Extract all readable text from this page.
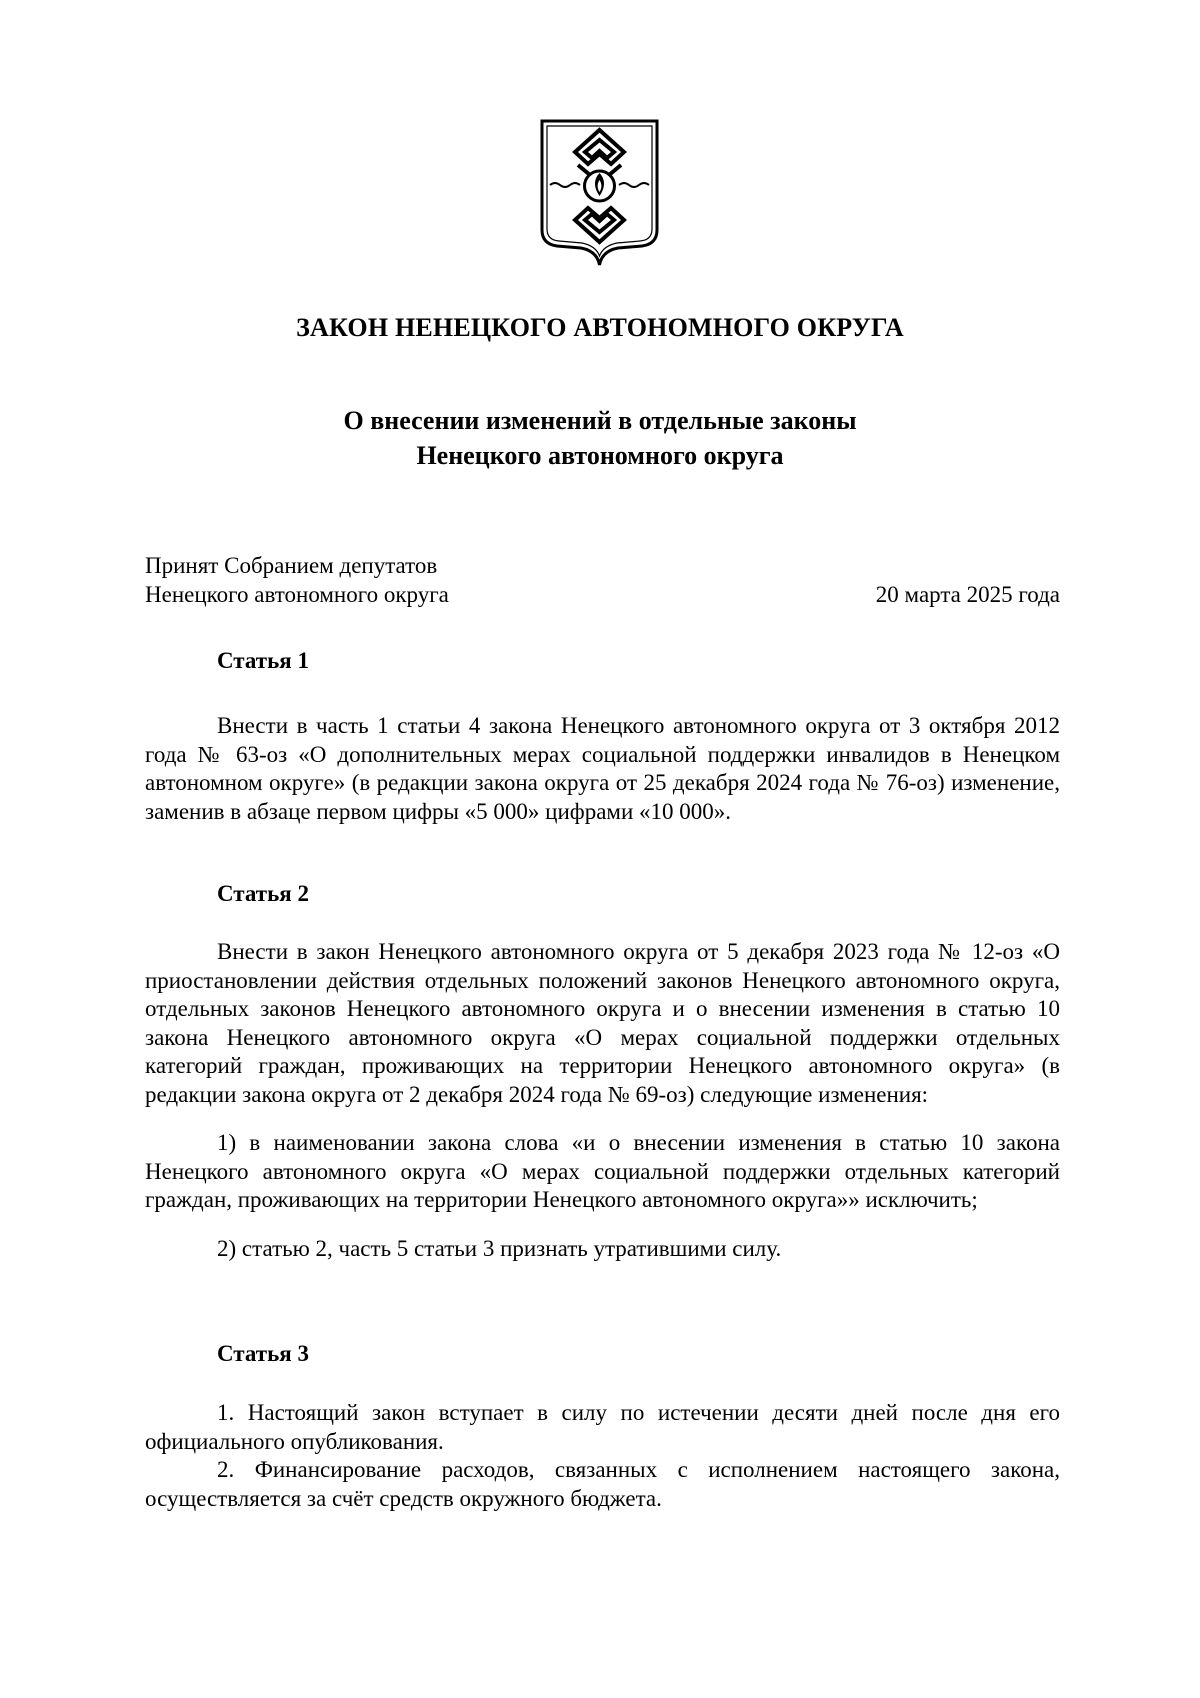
ЗАКОН НЕНЕЦКОГО АВТОНОМНОГО ОКРУГА
О внесении изменений в отдельные законы
Ненецкого автономного округа
Принят Собранием депутатов
Ненецкого автономного округа	20 марта 2025 года
Статья 1

Внести в часть 1 статьи 4 закона Ненецкого автономного округа от 3 октября 2012 года № 63-оз «О дополнительных мерах социальной поддержки инвалидов в Ненецком автономном округе» (в редакции закона округа от 25 декабря 2024 года № 76-оз) изменение, заменив в абзаце первом цифры «5 000» цифрами «10 000».

Статья 2

Внести в закон Ненецкого автономного округа от 5 декабря 2023 года № 12-оз «О приостановлении действия отдельных положений законов Ненецкого автономного округа, отдельных законов Ненецкого автономного округа и о внесении изменения в статью 10 закона Ненецкого автономного округа «О мерах социальной поддержки отдельных категорий граждан, проживающих на территории Ненецкого автономного округа» (в редакции закона округа от 2 декабря 2024 года № 69-оз) следующие изменения:

1) в наименовании закона слова «и о внесении изменения в статью 10 закона Ненецкого автономного округа «О мерах социальной поддержки отдельных категорий граждан, проживающих на территории Ненецкого автономного округа»» исключить;

2) статью 2, часть 5 статьи 3 признать утратившими силу.

Статья 3

1. Настоящий закон вступает в силу по истечении десяти дней после дня его официального опубликования.

2. Финансирование расходов, связанных с исполнением настоящего закона, осуществляется за счёт средств окружного бюджета.
